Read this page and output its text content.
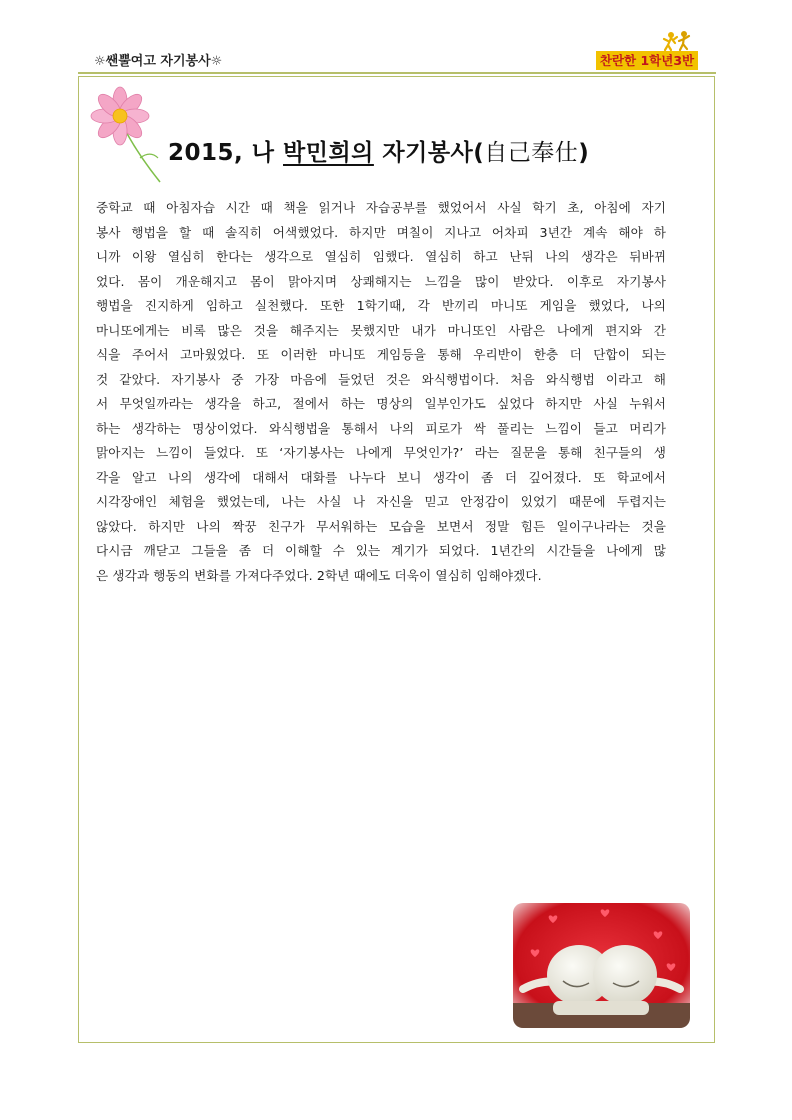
☼쌘뿔여고 자기봉사☼	찬란한 1학년3반
2015, 나 박민희의 자기봉사(自己奉仕)
중학교 때 아침자습 시간 때 책을 읽거나 자습공부를 했었어서 사실 학기 초, 아침에 자기
봉사 행법을 할 때 솔직히 어색했었다. 하지만 며칠이 지나고 어차피 3년간 계속 해야 하
니까 이왕 열심히 한다는 생각으로 열심히 임했다. 열심히 하고 난뒤 나의 생각은 뒤바뀌
었다. 몸이 개운해지고 몸이 맑아지며 상쾌해지는 느낌을 많이 받았다. 이후로 자기봉사
행법을 진지하게 임하고 실천했다. 또한 1학기때, 각 반끼리 마니또 게임을 했었다, 나의
마니또에게는 비록 많은 것을 해주지는 못했지만 내가 마니또인 사람은 나에게 편지와 간
식을 주어서 고마웠었다. 또 이러한 마니또 게임등을 통해 우리반이 한층 더 단합이 되는
것 같았다. 자기봉사 중 가장 마음에 들었던 것은 와식행법이다. 처음 와식행법 이라고 해
서 무엇일까라는 생각을 하고, 절에서 하는 명상의 일부인가도 싶었다 하지만 사실 누워서
하는 생각하는 명상이었다. 와식행법을 통해서 나의 피로가 싹 풀리는 느낌이 들고 머리가
맑아지는 느낌이 들었다. 또 ‘자기봉사는 나에게 무엇인가?’ 라는 질문을 통해 친구들의 생
각을 알고 나의 생각에 대해서 대화를 나누다 보니 생각이 좀 더 깊어졌다. 또 학교에서
시각장애인 체험을 했었는데, 나는 사실 나 자신을 믿고 안정감이 있었기 때문에 두렵지는
않았다. 하지만 나의 짝꿍 친구가 무서워하는 모습을 보면서 정말 힘든 일이구나라는 것을
다시금 깨닫고 그들을 좀 더 이해할 수 있는 계기가 되었다. 1년간의 시간들을 나에게 많
은 생각과 행동의 변화를 가져다주었다. 2학년 때에도 더욱이 열심히 임해야겠다.
